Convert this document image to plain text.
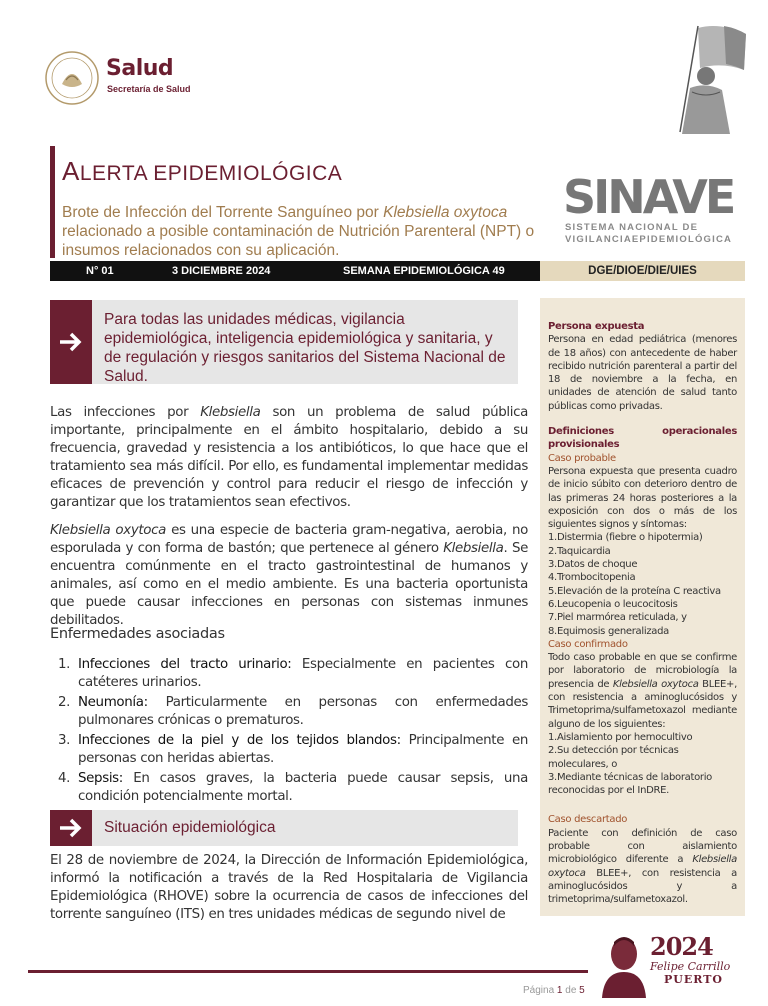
Salud
Secretaría de Salud
ALERTA EPIDEMIOLÓGICA
Brote de Infección del Torrente Sanguíneo por Klebsiella oxytoca relacionado a posible contaminación de Nutrición Parenteral (NPT) o insumos relacionados con su aplicación.
SINAVE
SISTEMA NACIONAL DE
VIGILANCIAEPIDEMIOLÓGICA
N° 01	3 DICIEMBRE 2024	SEMANA EPIDEMIOLÓGICA 49	DGE/DIOE/DIE/UIES
Para todas las unidades médicas, vigilancia epidemiológica, inteligencia epidemiológica y sanitaria, y de regulación y riesgos sanitarios del Sistema Nacional de Salud.
Las infecciones por Klebsiella son un problema de salud pública importante, principalmente en el ámbito hospitalario, debido a su frecuencia, gravedad y resistencia a los antibióticos, lo que hace que el tratamiento sea más difícil. Por ello, es fundamental implementar medidas eficaces de prevención y control para reducir el riesgo de infección y garantizar que los tratamientos sean efectivos.
Klebsiella oxytoca es una especie de bacteria gram-negativa, aerobia, no esporulada y con forma de bastón; que pertenece al género Klebsiella. Se encuentra comúnmente en el tracto gastrointestinal de humanos y animales, así como en el medio ambiente. Es una bacteria oportunista que puede causar infecciones en personas con sistemas inmunes debilitados.
Enfermedades asociadas
1. Infecciones del tracto urinario: Especialmente en pacientes con catéteres urinarios.
2. Neumonía: Particularmente en personas con enfermedades pulmonares crónicas o prematuros.
3. Infecciones de la piel y de los tejidos blandos: Principalmente en personas con heridas abiertas.
4. Sepsis: En casos graves, la bacteria puede causar sepsis, una condición potencialmente mortal.
Situación epidemiológica
El 28 de noviembre de 2024, la Dirección de Información Epidemiológica, informó la notificación a través de la Red Hospitalaria de Vigilancia Epidemiológica (RHOVE) sobre la ocurrencia de casos de infecciones del torrente sanguíneo (ITS) en tres unidades médicas de segundo nivel de
Persona expuesta
Persona en edad pediátrica (menores de 18 años) con antecedente de haber recibido nutrición parenteral a partir del 18 de noviembre a la fecha, en unidades de atención de salud tanto públicas como privadas.
Definiciones	operacionales
provisionales
Caso probable
Persona expuesta que presenta cuadro de inicio súbito con deterioro dentro de las primeras 24 horas posteriores a la exposición con dos o más de los siguientes signos y síntomas:
1.Distermia (fiebre o hipotermia)
2.Taquicardia
3.Datos de choque
4.Trombocitopenia
5.Elevación de la proteína C reactiva
6.Leucopenia o leucocitosis
7.Piel marmórea reticulada, y
8.Equimosis generalizada
Caso confirmado
Todo caso probable en que se confirme por laboratorio de microbiología la presencia de Klebsiella oxytoca BLEE+, con resistencia a aminoglucósidos y Trimetoprima/sulfametoxazol mediante alguno de los siguientes:
1.Aislamiento por hemocultivo
2.Su detección por técnicas moleculares, o
3.Mediante técnicas de laboratorio reconocidas por el InDRE.
Caso descartado
Paciente con definición de caso probable con aislamiento microbiológico diferente a Klebsiella oxytoca BLEE+, con resistencia a aminoglucósidos y a trimetoprima/sulfametoxazol.
Página 1 de 5
2024
Felipe Carrillo
PUERTO
